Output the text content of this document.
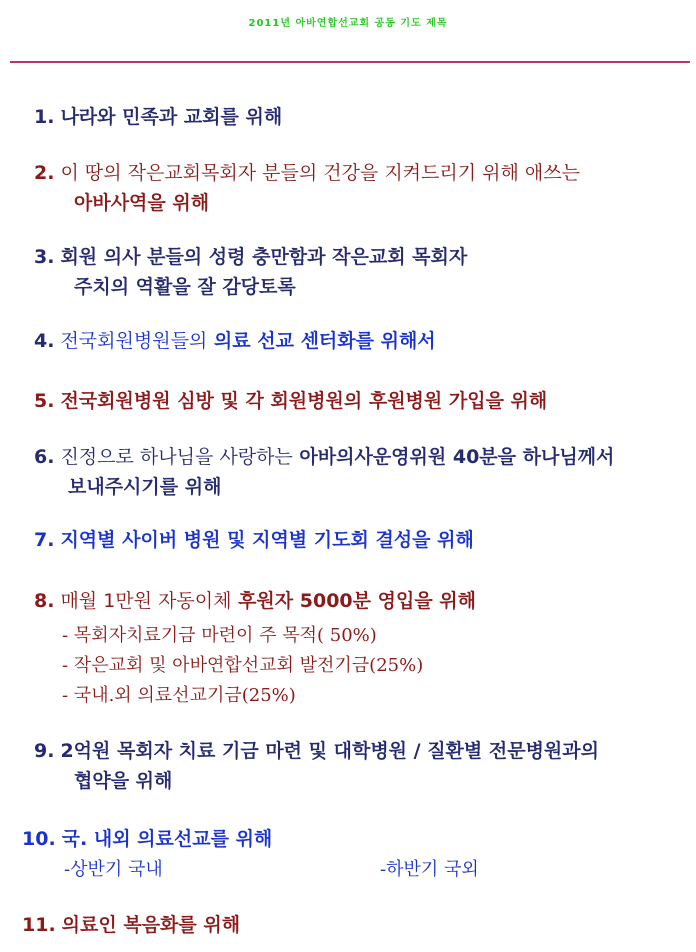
2011년 아바연합선교회 공동 기도 제목
1. 나라와 민족과 교회를 위해
2. 이 땅의 작은교회목회자 분들의 건강을 지켜드리기 위해 애쓰는
아바사역을 위해
3. 회원 의사 분들의 성령 충만함과 작은교회 목회자
주치의 역활을 잘 감당토록
4. 전국회원병원들의 의료 선교 센터화를 위해서
5. 전국회원병원 심방 및 각 회원병원의 후원병원 가입을 위해
6. 진정으로 하나님을 사랑하는 아바의사운영위원 40분을 하나님께서
보내주시기를 위해
7. 지역별 사이버 병원 및 지역별 기도회 결성을 위해
8. 매월 1만원 자동이체 후원자 5000분 영입을 위해
- 목회자치료기금 마련이 주 목적( 50%)
- 작은교회 및 아바연합선교회 발전기금(25%)
- 국내.외 의료선교기금(25%)
9. 2억원 목회자 치료 기금 마련 및 대학병원 / 질환별 전문병원과의
협약을 위해
10. 국. 내외 의료선교를 위해
-상반기 국내	-하반기 국외
11. 의료인 복음화를 위해
